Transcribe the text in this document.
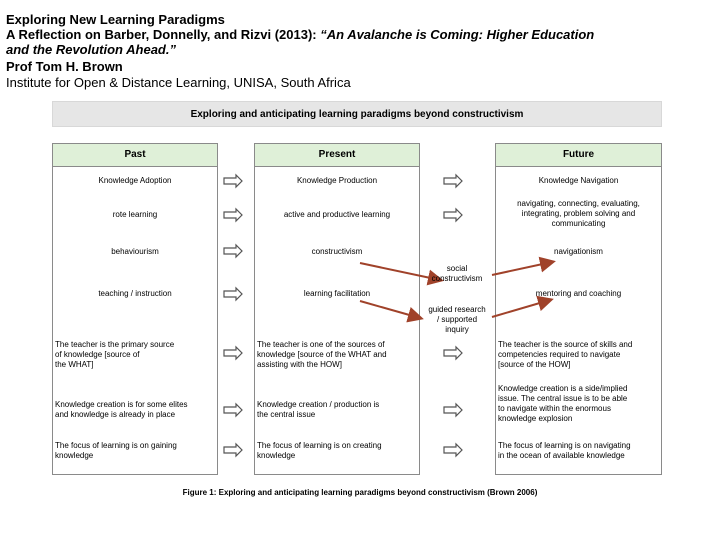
Exploring New Learning Paradigms
A Reflection on Barber, Donnelly, and Rizvi (2013): “An Avalanche is Coming: Higher Education
and the Revolution Ahead.”
Prof Tom H. Brown
Institute for Open & Distance Learning, UNISA, South Africa
Exploring and anticipating learning paradigms beyond constructivism
Past	Present	Future
Knowledge Adoption
rote learning
behaviourism
teaching / instruction
The teacher is the primary source
of knowledge [source of
the WHAT]
Knowledge creation is for some elites
and knowledge is already in place
The focus of learning is on gaining
knowledge
Knowledge Production
active and productive learning
constructivism
learning facilitation
The teacher is one of the sources of
knowledge [source of the WHAT and
assisting with the HOW]
Knowledge creation / production is
the central issue
The focus of learning is on creating
knowledge
Knowledge Navigation
navigating, connecting, evaluating,
integrating, problem solving and
communicating
navigationism
mentoring and coaching
The teacher is the source of skills and
competencies required to navigate
[source of the HOW]
Knowledge creation is a side/implied
issue. The central issue is to be able
to navigate within the enormous
knowledge explosion
The focus of learning is on navigating
in the ocean of available knowledge
social
constructivism
guided research
/ supported
inquiry
Figure 1: Exploring and anticipating learning paradigms beyond constructivism (Brown 2006)
